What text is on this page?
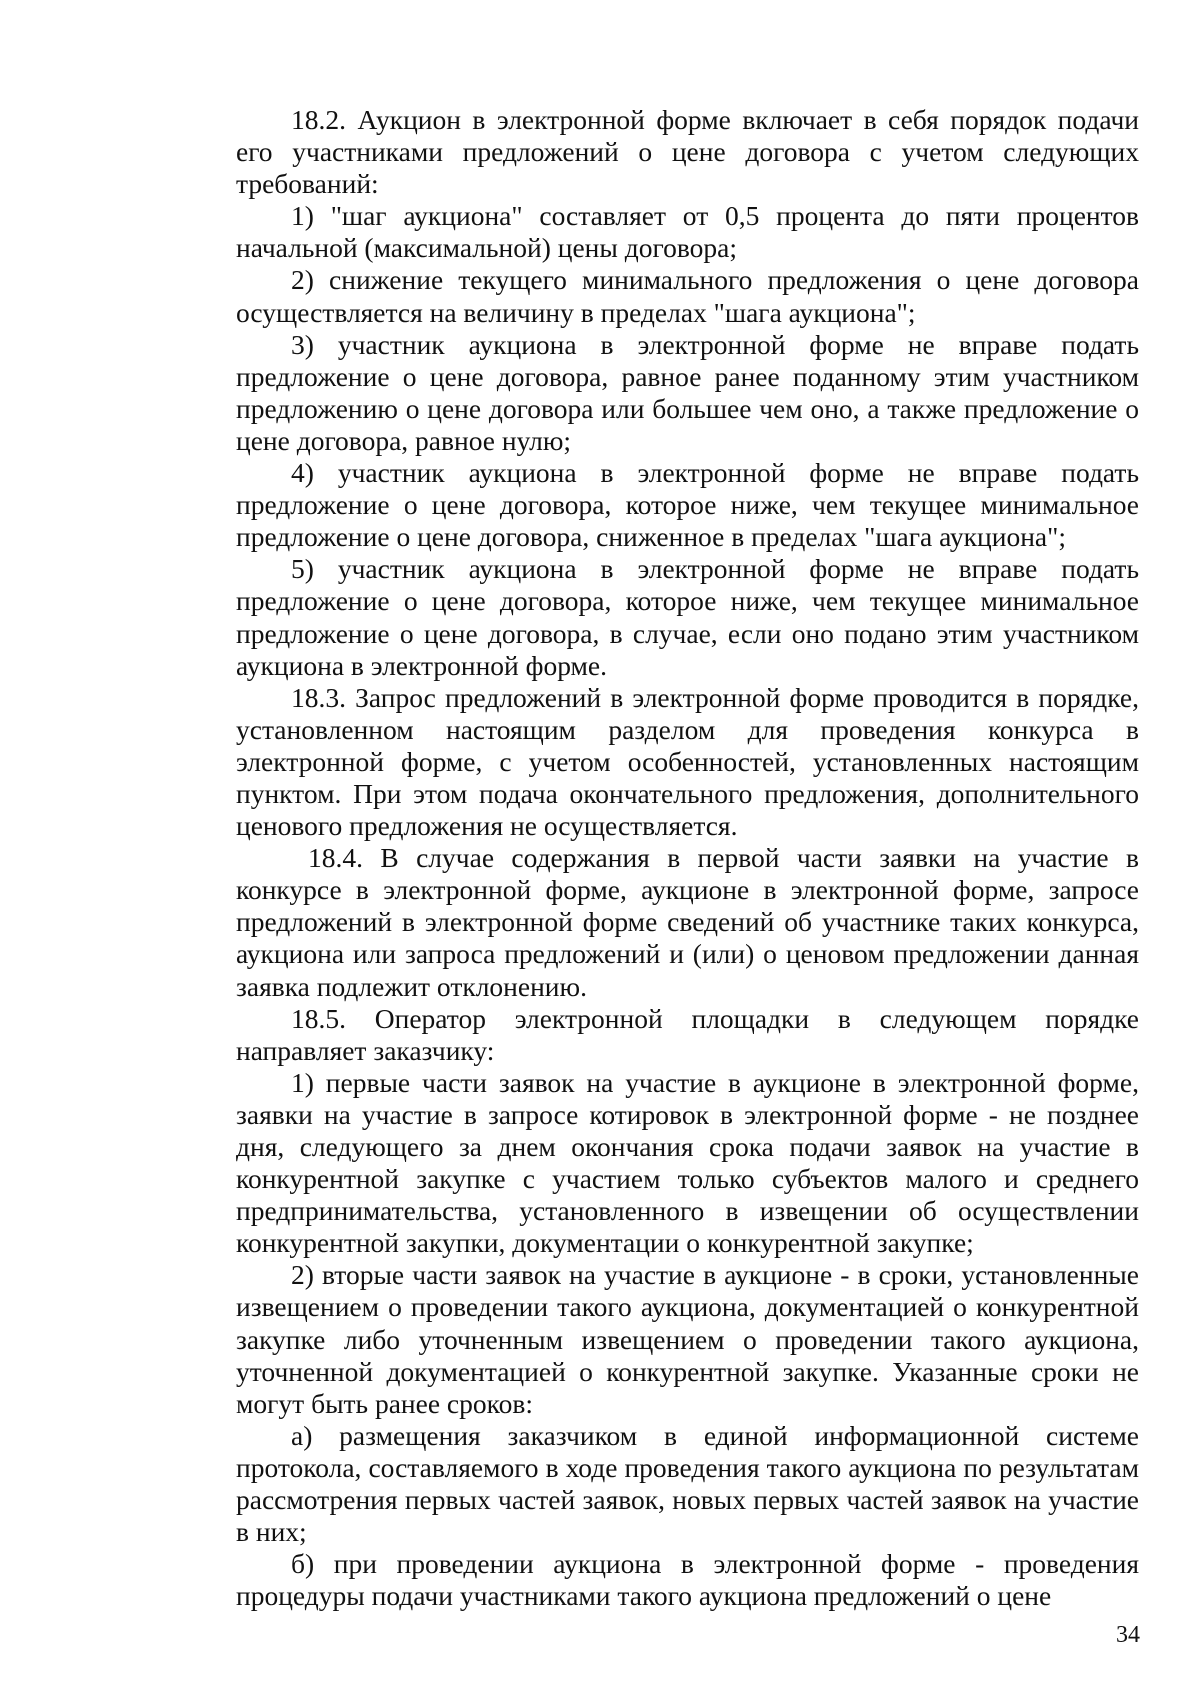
18.2. Аукцион в электронной форме включает в себя порядок подачи его участниками предложений о цене договора с учетом следующих требований:

1) "шаг аукциона" составляет от 0,5 процента до пяти процентов начальной (максимальной) цены договора;

2) снижение текущего минимального предложения о цене договора осуществляется на величину в пределах "шага аукциона";

3) участник аукциона в электронной форме не вправе подать предложение о цене договора, равное ранее поданному этим участником предложению о цене договора или большее чем оно, а также предложение о цене договора, равное нулю;

4) участник аукциона в электронной форме не вправе подать предложение о цене договора, которое ниже, чем текущее минимальное предложение о цене договора, сниженное в пределах "шага аукциона";

5) участник аукциона в электронной форме не вправе подать предложение о цене договора, которое ниже, чем текущее минимальное предложение о цене договора, в случае, если оно подано этим участником аукциона в электронной форме.

18.3. Запрос предложений в электронной форме проводится в порядке, установленном настоящим разделом для проведения конкурса в электронной форме, с учетом особенностей, установленных настоящим пунктом. При этом подача окончательного предложения, дополнительного ценового предложения не осуществляется.

18.4. В случае содержания в первой части заявки на участие в конкурсе в электронной форме, аукционе в электронной форме, запросе предложений в электронной форме сведений об участнике таких конкурса, аукциона или запроса предложений и (или) о ценовом предложении данная заявка подлежит отклонению.

18.5. Оператор электронной площадки в следующем порядке направляет заказчику:

1) первые части заявок на участие в аукционе в электронной форме, заявки на участие в запросе котировок в электронной форме - не позднее дня, следующего за днем окончания срока подачи заявок на участие в конкурентной закупке с участием только субъектов малого и среднего предпринимательства, установленного в извещении об осуществлении конкурентной закупки, документации о конкурентной закупке;

2) вторые части заявок на участие в аукционе - в сроки, установленные извещением о проведении такого аукциона, документацией о конкурентной закупке либо уточненным извещением о проведении такого аукциона, уточненной документацией о конкурентной закупке. Указанные сроки не могут быть ранее сроков:

а) размещения заказчиком в единой информационной системе протокола, составляемого в ходе проведения такого аукциона по результатам рассмотрения первых частей заявок, новых первых частей заявок на участие в них;

б) при проведении аукциона в электронной форме - проведения процедуры подачи участниками такого аукциона предложений о цене

34
